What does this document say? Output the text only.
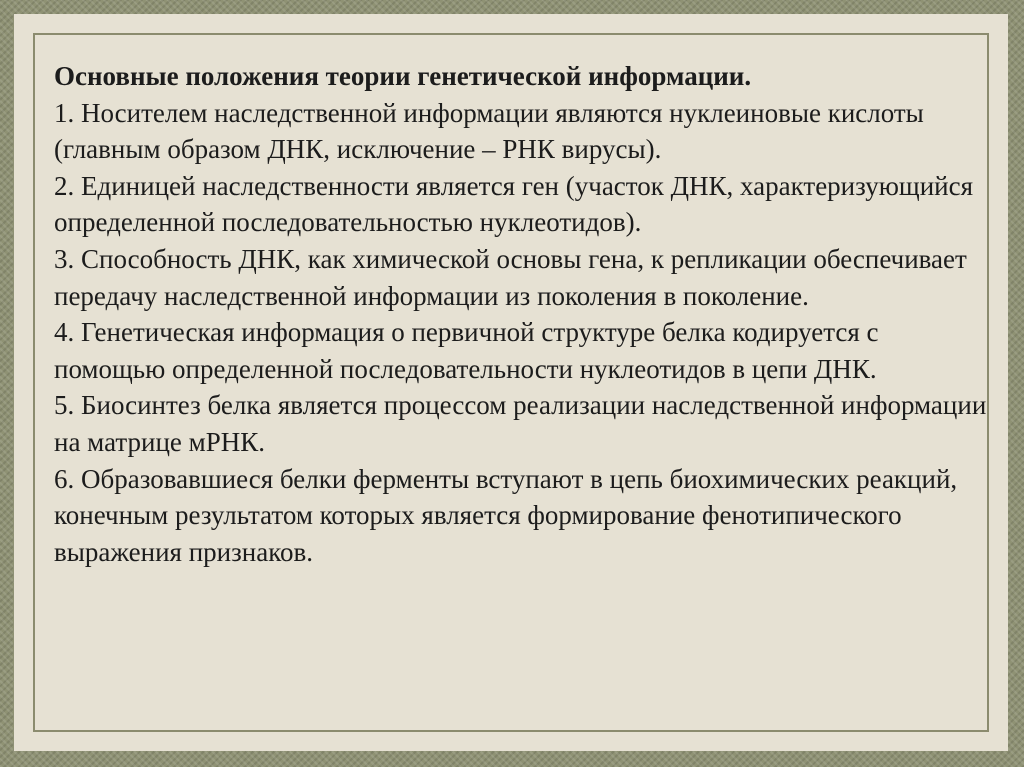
Основные положения теории генетической информации.

1. Носителем наследственной информации являются нуклеиновые кислоты (главным образом ДНК, исключение – РНК вирусы).

2. Единицей наследственности является ген (участок ДНК, характеризующийся определенной последовательностью нуклеотидов).

3. Способность ДНК, как химической основы гена, к репликации обеспечивает передачу наследственной информации из поколения в поколение.

4. Генетическая информация о первичной структуре белка кодируется с помощью определенной последовательности нуклеотидов в цепи ДНК.

5. Биосинтез белка является процессом реализации наследственной информации на матрице мРНК.

6. Образовавшиеся белки ферменты вступают в цепь биохимических реакций, конечным результатом которых является формирование фенотипического выражения признаков.
